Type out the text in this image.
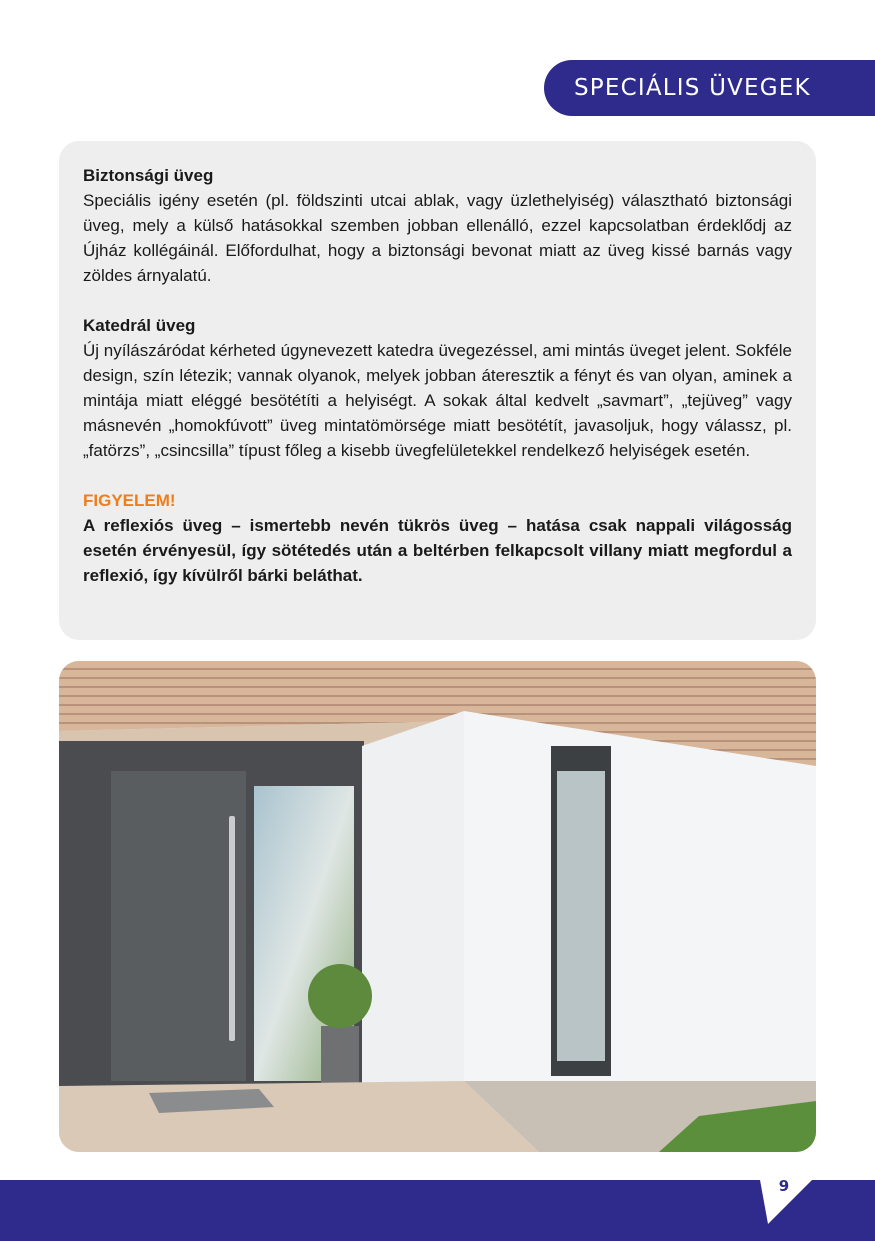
SPECIÁLIS ÜVEGEK

Biztonsági üveg

Speciális igény esetén (pl. földszinti utcai ablak, vagy üzlethelyiség) választható biztonsági üveg, mely a külső hatásokkal szemben jobban ellenálló, ezzel kapcsolatban érdeklődj az Újház kollégáinál. Előfordulhat, hogy a biztonsági bevonat miatt az üveg kissé barnás vagy zöldes árnyalatú.

Katedrál üveg

Új nyílászáródat kérheted úgynevezett katedra üvegezéssel, ami mintás üveget jelent. Sokféle design, szín létezik; vannak olyanok, melyek jobban áteresztik a fényt és van olyan, aminek a mintája miatt eléggé besötétíti a helyiségt. A sokak által kedvelt „savmart”, „tejüveg” vagy másnevén „homokfúvott” üveg mintatömörsége miatt besötétít, javasoljuk, hogy válassz, pl. „fatörzs”, „csincsilla” típust főleg a kisebb üvegfelületekkel rendelkező helyiségek esetén.

FIGYELEM!

A reflexiós üveg – ismertebb nevén tükrös üveg – hatása csak nappali világosság esetén érvényesül, így sötétedés után a beltérben felkapcsolt villany miatt megfordul a reflexió, így kívülről bárki beláthat.

9
